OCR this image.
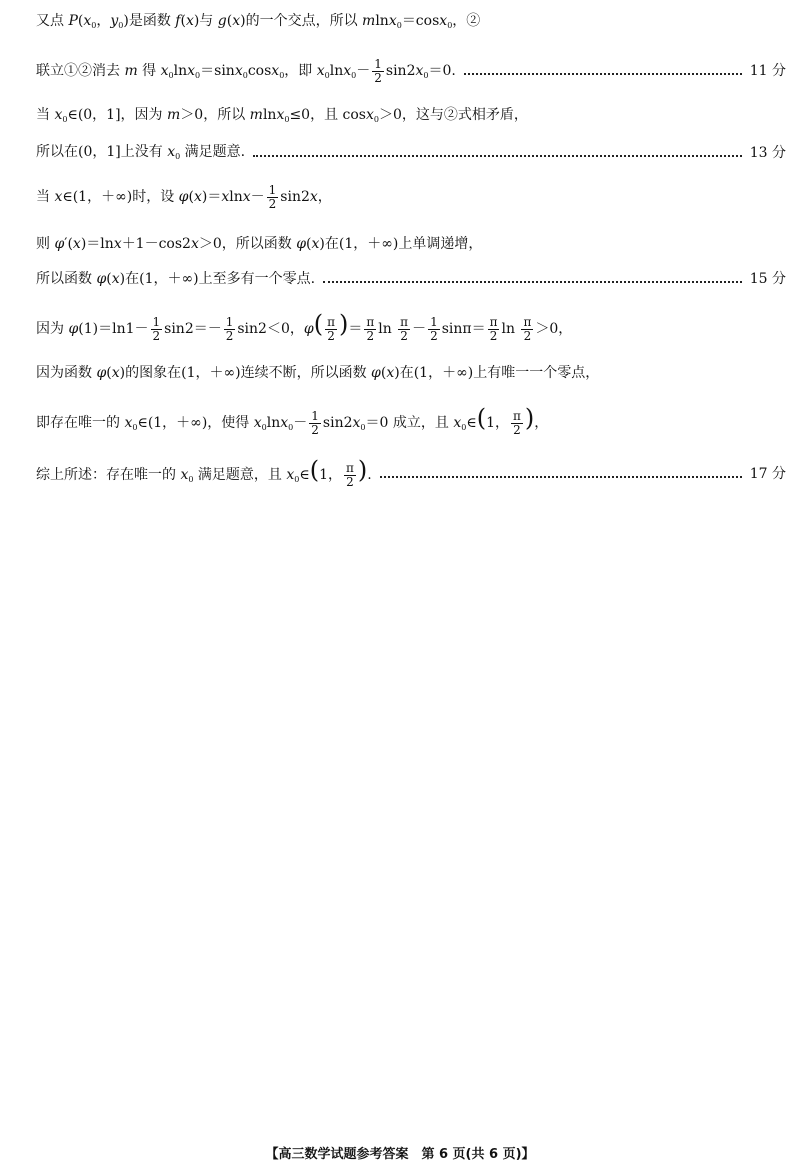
又点 $P(x_0$，$y_0$)是函数 f(x)与 g(x)的一个交点，所以 mlnx$_0$＝cosx$_0$，②
联立①②消去 m 得 $x_0\ln x_0=\sin x_0\cos x_0$，即 $x_0\ln x_0- \frac{1}{2} \sin 2x_0=0$.	11 分
当 $x_0\in(0$，1]，因为 m＞0，所以 mlnx$_0$≤0，且 cosx$_0$＞0，这与②式相矛盾，
所以在(0，1]上没有 $x_0$ 满足题意.	13 分
当 x∈(1，＋∞)时，设 $\varphi(x)=xlnx- \frac{1}{2} \sin 2x$，
则 φ′(x)＝lnx＋1－cos2x＞0，所以函数 φ(x)在(1，＋∞)上单调递增，
所以函数 φ(x)在(1，＋∞)上至多有一个零点.	15 分
因为 $\varphi(1)=\ln 1- \frac{1}{2} \sin 2=- \frac{1}{2} \sin 2<0$，$\varphi( \frac{\pi}{2}$ )＝ $\frac{\pi}{2}$ $\ln \frac{\pi}{2} - \frac{1}{2} \sin\pi= \frac{\pi}{2}$ $\ln \frac{\pi}{2} >0$，
因为函数 φ(x)的图象在(1，＋∞)连续不断，所以函数 φ(x)在(1，＋∞)上有唯一一个零点，
即存在唯一的 $x_0\in(1$，＋∞)，使得 $x_0\ln x_0- \frac{1}{2} \sin 2x_0=0$ 成立，且 $x_0\in(1$， $\frac{\pi}{2}$ )，
综上所述：存在唯一的 $x_0$ 满足题意，且 $x_0\in(1$， $\frac{\pi}{2}$ ).	17 分
【高三数学试题参考答案　第 6 页(共 6 页)】
